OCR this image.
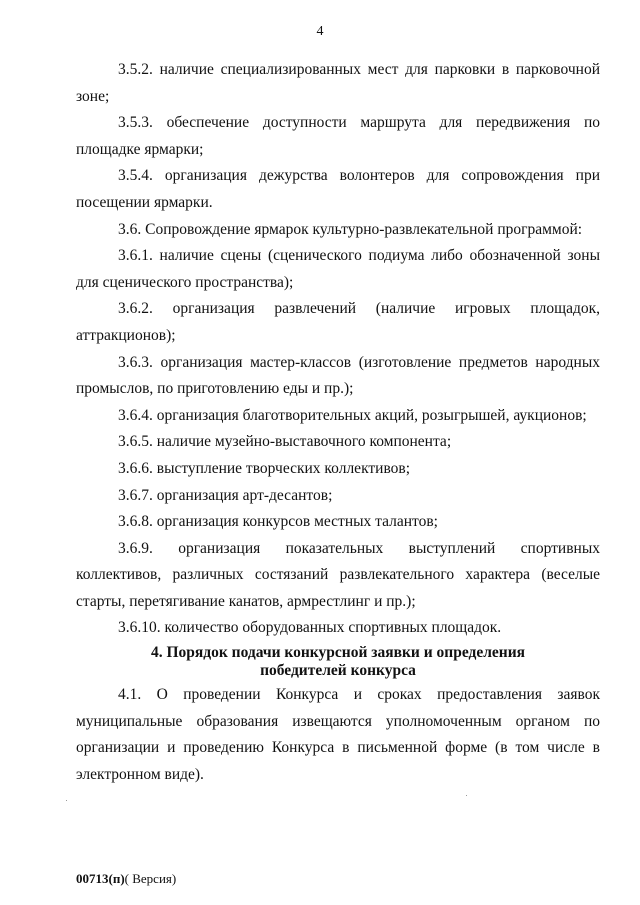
4

3.5.2. наличие специализированных мест для парковки в парковочной зоне;

3.5.3. обеспечение доступности маршрута для передвижения по площадке ярмарки;

3.5.4. организация дежурства волонтеров для сопровождения при посещении ярмарки.

3.6. Сопровождение ярмарок культурно-развлекательной программой:

3.6.1. наличие сцены (сценического подиума либо обозначенной зоны для сценического пространства);

3.6.2. организация развлечений (наличие игровых площадок, аттракционов);

3.6.3. организация мастер-классов (изготовление предметов народных промыслов, по приготовлению еды и пр.);

3.6.4. организация благотворительных акций, розыгрышей, аукционов;

3.6.5. наличие музейно-выставочного компонента;

3.6.6. выступление творческих коллективов;

3.6.7. организация арт-десантов;

3.6.8. организация конкурсов местных талантов;

3.6.9. организация показательных выступлений спортивных коллективов, различных состязаний развлекательного характера (веселые старты, перетягивание канатов, армрестлинг и пр.);

3.6.10. количество оборудованных спортивных площадок.

4. Порядок подачи конкурсной заявки и определения
победителей конкурса

4.1. О проведении Конкурса и сроках предоставления заявок муниципальные образования извещаются уполномоченным органом по организации и проведению Конкурса в письменной форме (в том числе в электронном виде).

00713(п)( Версия)
